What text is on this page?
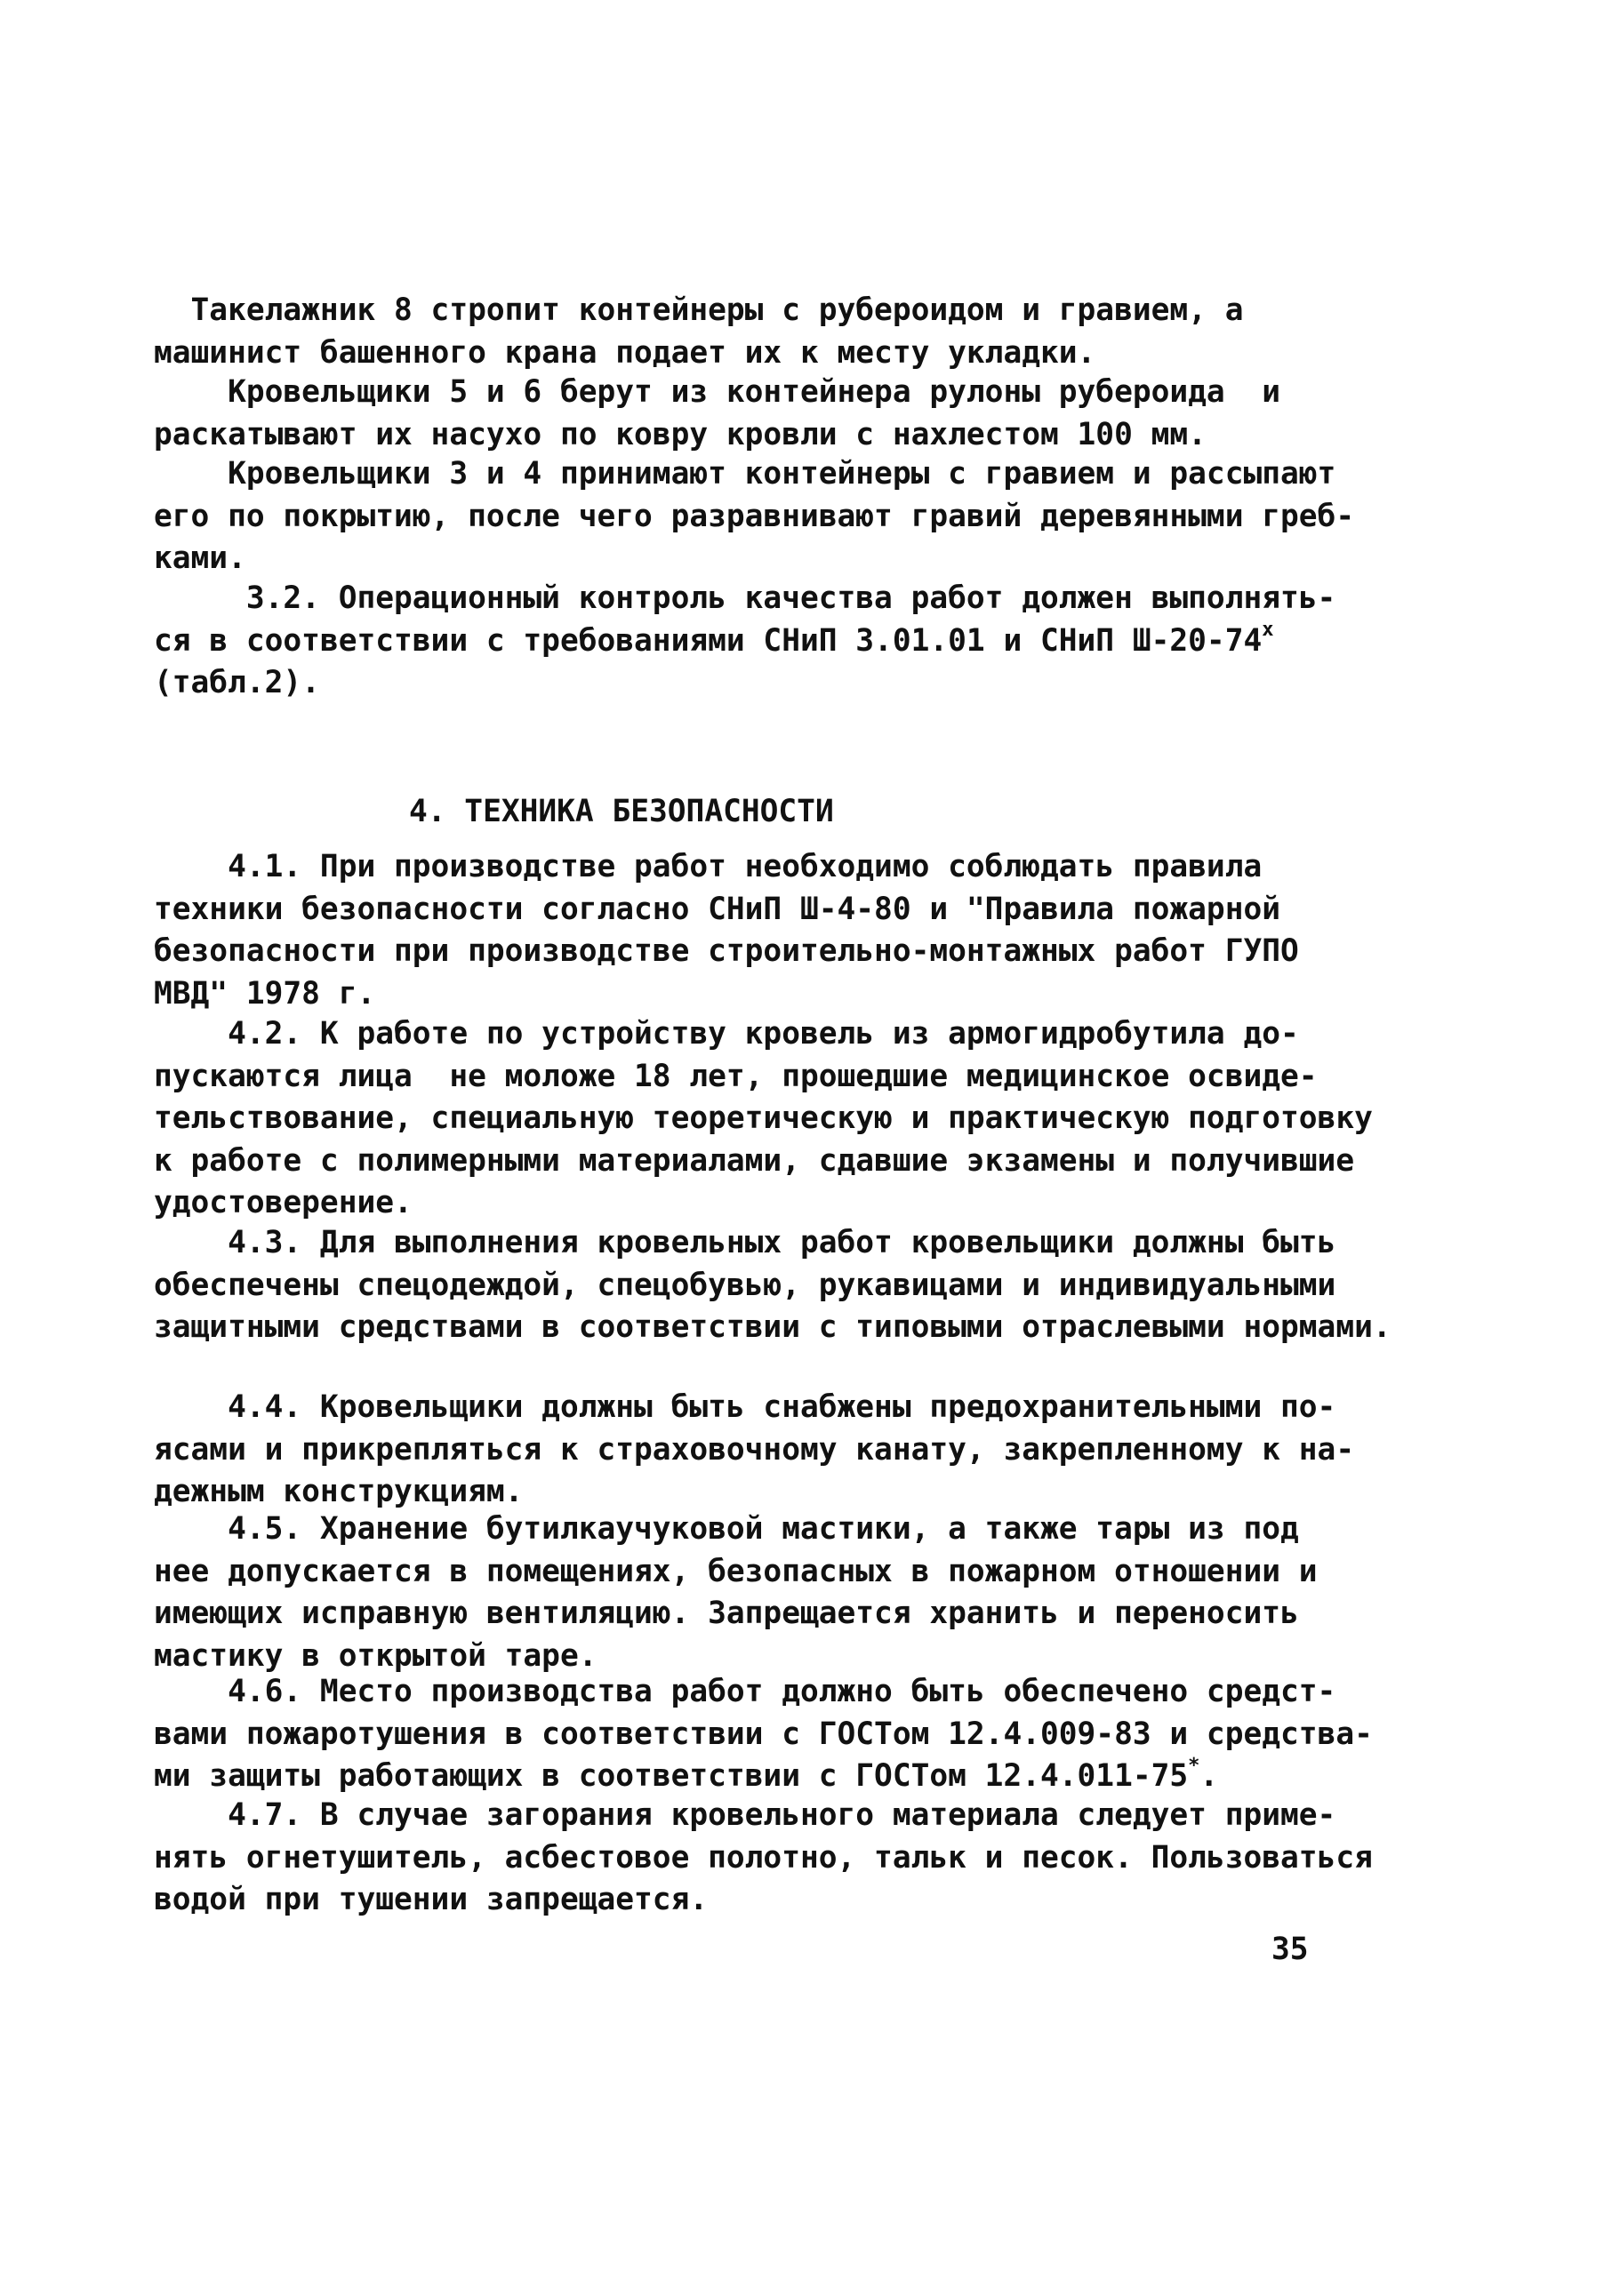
Такелажник 8 стропит контейнеры с рубероидом и гравием, а
машинист башенного крана подает их к месту укладки.
Кровельщики 5 и 6 берут из контейнера рулоны рубероида  и
раскатывают их насухо по ковру кровли с нахлестом 100 мм.
Кровельщики 3 и 4 принимают контейнеры с гравием и рассыпают
его по покрытию, после чего разравнивают гравий деревянными греб-
ками.
3.2. Операционный контроль качества работ должен выполнять-
ся в соответствии с требованиями СНиП 3.01.01 и СНиП $Ш-20-74^х$
(табл.2).
4. ТЕХНИКА БЕЗОПАСНОСТИ
4.1. При производстве работ необходимо соблюдать правила
техники безопасности согласно СНиП Ш-4-80 и "Правила пожарной
безопасности при производстве строительно-монтажных работ ГУПО
МВД" 1978 г.
4.2. К работе по устройству кровель из армогидробутила до-
пускаются лица  не моложе 18 лет, прошедшие медицинское освиде-
тельствование, специальную теоретическую и практическую подготовку
к работе с полимерными материалами, сдавшие экзамены и получившие
удостоверение.
4.3. Для выполнения кровельных работ кровельщики должны быть
обеспечены спецодеждой, спецобувью, рукавицами и индивидуальными
защитными средствами в соответствии с типовыми отраслевыми нормами.
4.4. Кровельщики должны быть снабжены предохранительными по-
ясами и прикрепляться к страховочному канату, закрепленному к на-
дежным конструкциям.
4.5. Хранение бутилкаучуковой мастики, а также тары из под
нее допускается в помещениях, безопасных в пожарном отношении и
имеющих исправную вентиляцию. Запрещается хранить и переносить
мастику в открытой таре.
4.6. Место производства работ должно быть обеспечено средст-
вами пожаротушения в соответствии с ГОСТом 12.4.009-83 и средства-
ми защиты работающих в соответствии с ГОСТом 12.4.011-75*.
4.7. В случае загорания кровельного материала следует приме-
нять огнетушитель, асбестовое полотно, тальк и песок. Пользоваться
водой при тушении запрещается.
35
